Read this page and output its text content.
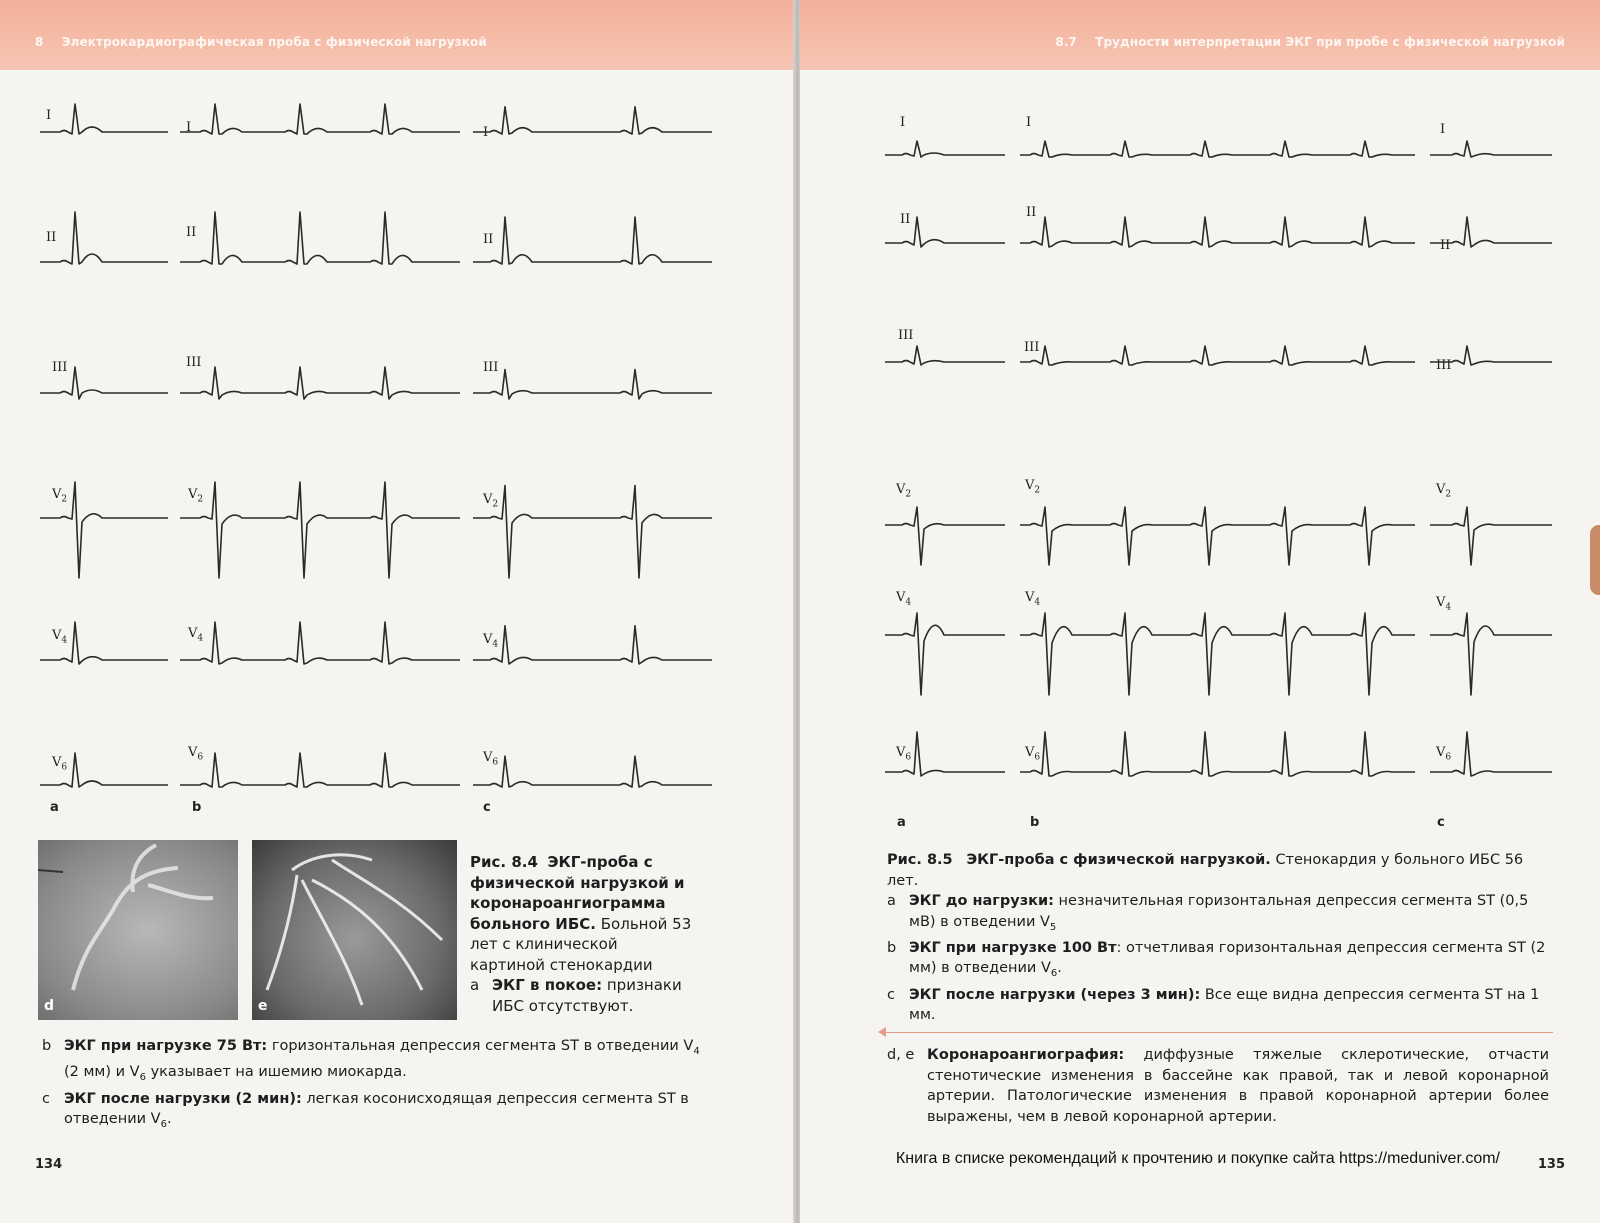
8 Электрокардиографическая проба с физической нагрузкой
I
II
III
I
II
III
I
II
III
$V_2$	$V_2$	$V_2$
$V_4$	$V_4$	$V_4$
$V_6$
$V_6$	$V_6$
a	b	c
d	e
Рис. 8.4 ЭКГ-проба с физической нагрузкой и коронароангиограмма больного ИБС. Больной 53 лет с клинической картиной стенокардии
a ЭКГ в покое: признаки ИБС отсутствуют.
b ЭКГ при нагрузке 75 Вт: горизонтальная депрессия сегмента ST в отведении $V_4$ (2 мм) и $V_6$ указывает на ишемию миокарда.
c ЭКГ после нагрузки (2 мин): легкая косонисходящая депрессия сегмента ST в отведении $V_6$.
134
8.7 Трудности интерпретации ЭКГ при пробе с физической нагрузкой
I	I	I
II	II
II
III
III
III
$V_2$
$V_2$	$V_2$
$V_4$	$V_4$	$V_4$
$V_6$	$V_6$	$V_6$
a	b	c
Рис. 8.5 ЭКГ-проба с физической нагрузкой. Стенокардия у больного ИБС 56 лет.
a ЭКГ до нагрузки: незначительная горизонтальная депрессия сегмента ST (0,5 мВ) в отведении $V_5$
b ЭКГ при нагрузке 100 Вт: отчетливая горизонтальная депрессия сегмента ST (2 мм) в отведении $V_6$.
c ЭКГ после нагрузки (через 3 мин): Все еще видна депрессия сегмента ST на 1 мм.
d, e Коронароангиография: диффузные тяжелые склеротические, отчасти стенотические изменения в бассейне как правой, так и левой коронарной артерии. Патологические изменения в правой коронарной артерии более выражены, чем в левой коронарной артерии.
135
Книга в списке рекомендаций к прочтению и покупке сайта https://meduniver.com/
